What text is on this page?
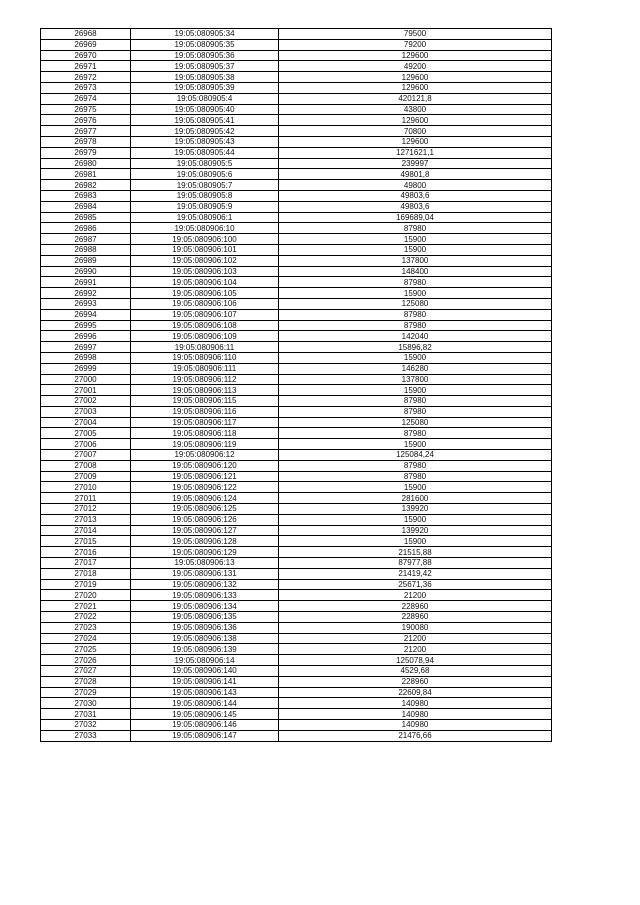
26968	19:05:080905:34	79500
26969	19:05:080905:35	79200
26970	19:05:080905:36	129600
26971	19:05:080905:37	49200
26972	19:05:080905:38	129600
26973	19:05:080905:39	129600
26974	19:05:080905:4	420121,8
26975	19:05:080905:40	43800
26976	19:05:080905:41	129600
26977	19:05:080905:42	70800
26978	19:05:080905:43	129600
26979	19:05:080905:44	1271621,1
26980	19:05:080905:5	239997
26981	19:05:080905:6	49801,8
26982	19:05:080905:7	49800
26983	19:05:080905:8	49803,6
26984	19:05:080905:9	49803,6
26985	19:05:080906:1	169689,04
26986	19:05:080906:10	87980
26987	19:05:080906:100	15900
26988	19:05:080906:101	15900
26989	19:05:080906:102	137800
26990	19:05:080906:103	148400
26991	19:05:080906:104	87980
26992	19:05:080906:105	15900
26993	19:05:080906:106	125080
26994	19:05:080906:107	87980
26995	19:05:080906:108	87980
26996	19:05:080906:109	142040
26997	19:05:080906:11	15896,82
26998	19:05:080906:110	15900
26999	19:05:080906:111	146280
27000	19:05:080906:112	137800
27001	19:05:080906:113	15900
27002	19:05:080906:115	87980
27003	19:05:080906:116	87980
27004	19:05:080906:117	125080
27005	19:05:080906:118	87980
27006	19:05:080906:119	15900
27007	19:05:080906:12	125084,24
27008	19:05:080906:120	87980
27009	19:05:080906:121	87980
27010	19:05:080906:122	15900
27011	19:05:080906:124	281600
27012	19:05:080906:125	139920
27013	19:05:080906:126	15900
27014	19:05:080906:127	139920
27015	19:05:080906:128	15900
27016	19:05:080906:129	21515,88
27017	19:05:080906:13	87977,88
27018	19:05:080906:131	21419,42
27019	19:05:080906:132	25671,36
27020	19:05:080906:133	21200
27021	19:05:080906:134	228960
27022	19:05:080906:135	228960
27023	19:05:080906:136	190080
27024	19:05:080906:138	21200
27025	19:05:080906:139	21200
27026	19:05:080906:14	125078,94
27027	19:05:080906:140	4529,68
27028	19:05:080906:141	228960
27029	19:05:080906:143	22609,84
27030	19:05:080906:144	140980
27031	19:05:080906:145	140980
27032	19:05:080906:146	140980
27033	19:05:080906:147	21476,66
